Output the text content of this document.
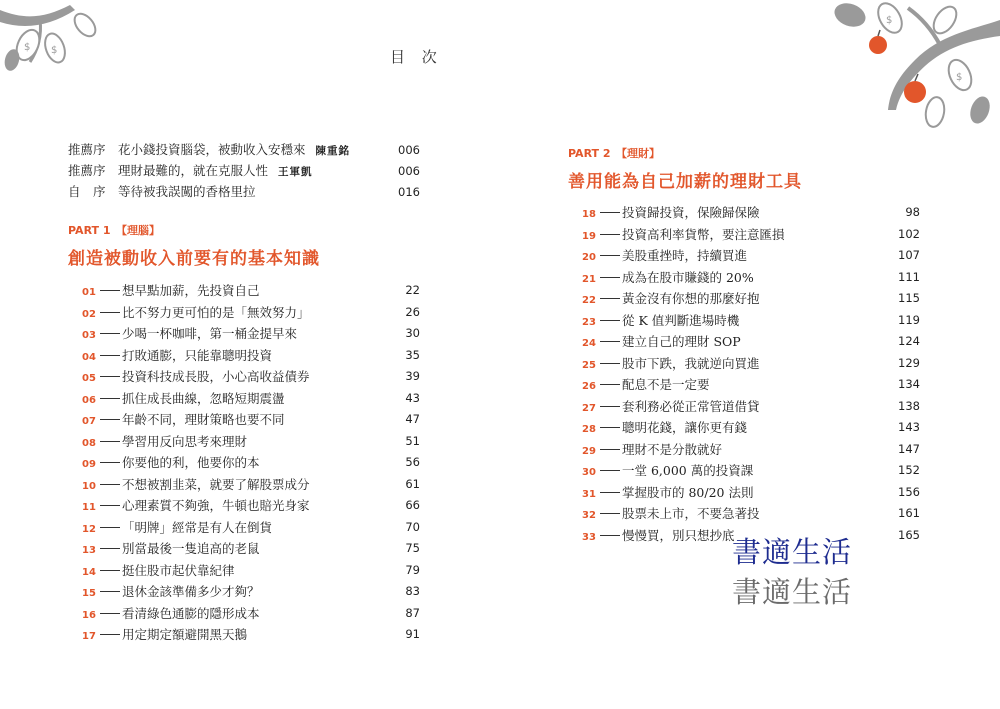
$ $
$
$
目 次
推薦序 花小錢投資腦袋，被動收入安穩來 陳重銘	006
推薦序 理財最難的，就在克服人性 王軍凱	006
自　序 等待被我誤闖的香格里拉	016
PART 1　【理腦】
創造被動收入前要有的基本知識
01 想早點加薪，先投資自己	22
02 比不努力更可怕的是「無效努力」	26
03 少喝一杯咖啡，第一桶金提早來	30
04 打敗通膨，只能靠聰明投資	35
05 投資科技成長股，小心高收益債券	39
06 抓住成長曲線，忽略短期震盪	43
07 年齡不同，理財策略也要不同	47
08 學習用反向思考來理財	51
09 你要他的利，他要你的本	56
10 不想被割韭菜，就要了解股票成分	61
11 心理素質不夠強，牛頓也賠光身家	66
12 「明牌」經常是有人在倒貨	70
13 別當最後一隻追高的老鼠	75
14 挺住股市起伏靠紀律	79
15 退休金該準備多少才夠？	83
16 看清綠色通膨的隱形成本	87
17 用定期定額避開黑天鵝	91
PART 2　【理財】
善用能為自己加薪的理財工具
18 投資歸投資，保險歸保險	98
19 投資高利率貨幣，要注意匯損	102
20 美股重挫時，持續買進	107
21 成為在股市賺錢的 20%	111
22 黃金沒有你想的那麼好抱	115
23 從 K 值判斷進場時機	119
24 建立自己的理財 SOP	124
25 股市下跌，我就逆向買進	129
26 配息不是一定要	134
27 套利務必從正常管道借貸	138
28 聰明花錢，讓你更有錢	143
29 理財不是分散就好	147
30 一堂 6,000 萬的投資課	152
31 掌握股市的 80/20 法則	156
32 股票未上市，不要急著投	161
33 慢慢買，別只想抄底	165
書適生活
書適生活
